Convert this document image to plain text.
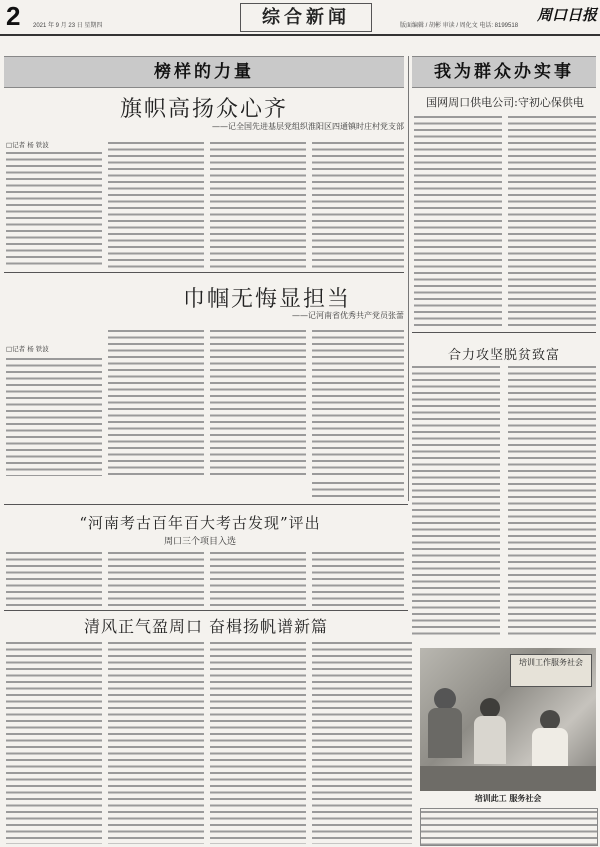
2 2021 年 9 月 23 日 星期四	综合新闻	版面编辑 / 胡彬 审读 / 周化文 电话: 8199518
周口日报
榜样的力量	我为群众办实事
旗帜高扬众心齐
——记全国先进基层党组织淮阳区四通镇时庄村党支部
□记者 杨 铁波
巾帼无悔显担当
——记河南省优秀共产党员张蕾
□记者 杨 铁波
国网周口供电公司:守初心保供电
合力攻坚脱贫致富
“河南考古百年百大考古发现”评出
周口三个项目入选
清风正气盈周口 奋楫扬帆谱新篇
培训工作服务社会
培训此工 服务社会
